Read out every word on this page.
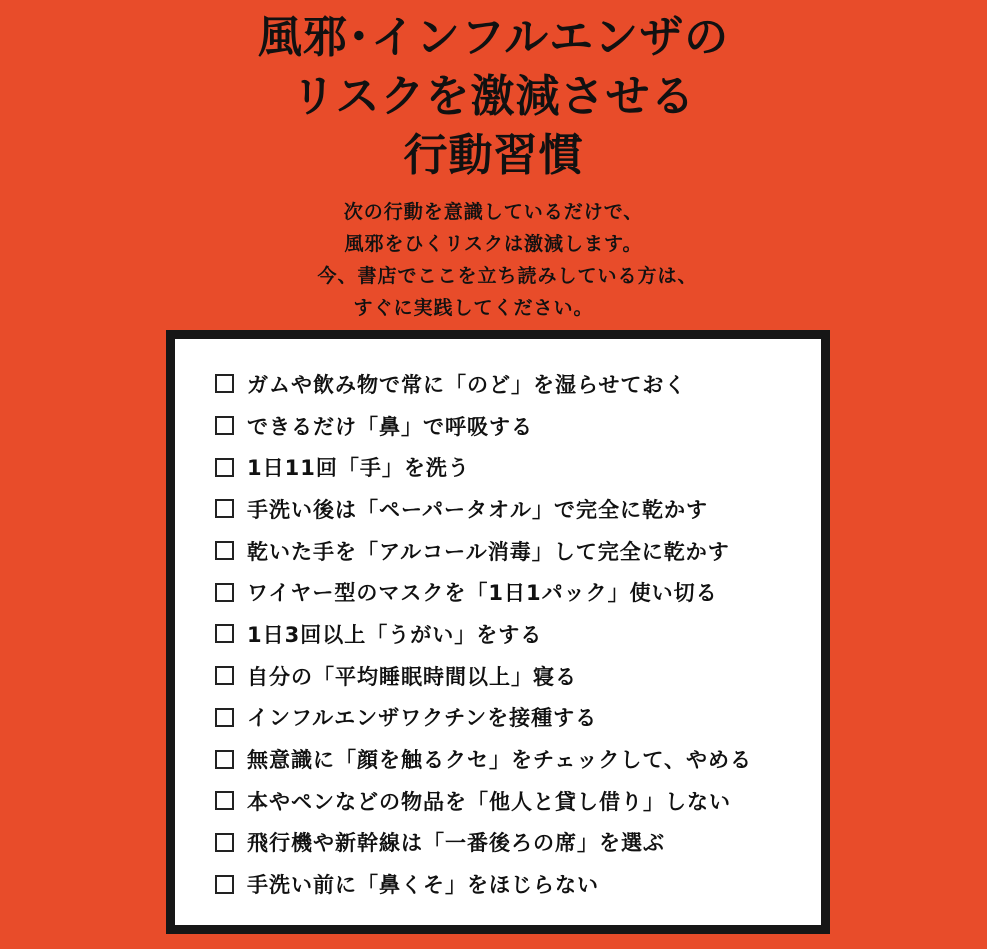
風邪･インフルエンザの
リスクを激減させる
行動習慣
次の行動を意識しているだけで、
風邪をひくリスクは激減します。
今、書店でここを立ち読みしている方は、
すぐに実践してください。
ガムや飲み物で常に「のど」を湿らせておく
できるだけ「鼻」で呼吸する
1日11回「手」を洗う
手洗い後は「ペーパータオル」で完全に乾かす
乾いた手を「アルコール消毒」して完全に乾かす
ワイヤー型のマスクを「1日1パック」使い切る
1日3回以上「うがい」をする
自分の「平均睡眠時間以上」寝る
インフルエンザワクチンを接種する
無意識に「顔を触るクセ」をチェックして、やめる
本やペンなどの物品を「他人と貸し借り」しない
飛行機や新幹線は「一番後ろの席」を選ぶ
手洗い前に「鼻くそ」をほじらない
